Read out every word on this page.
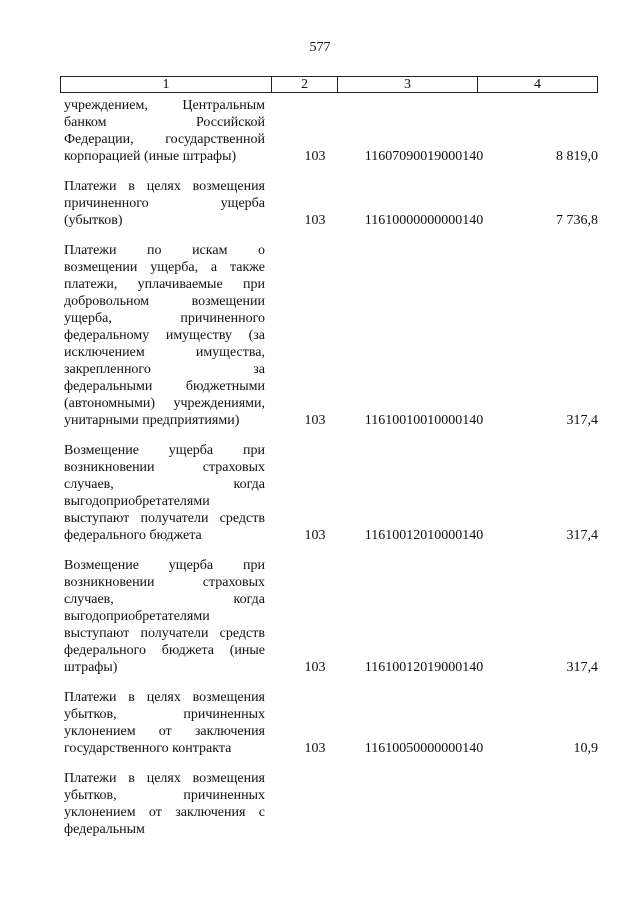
577
1	2	3	4
учреждением, Центральным
банком Российской
Федерации, государственной
корпорацией (иные штрафы)	103	11607090019000140	8 819,0
Платежи в целях возмещения
причиненного ущерба
(убытков)	103	11610000000000140	7 736,8
Платежи по искам о
возмещении ущерба, а также
платежи, уплачиваемые при
добровольном возмещении
ущерба, причиненного
федеральному имуществу (за
исключением имущества,
закрепленного за
федеральными бюджетными
(автономными) учреждениями,
унитарными предприятиями)	103	11610010010000140	317,4
Возмещение ущерба при
возникновении страховых
случаев, когда
выгодоприобретателями
выступают получатели средств
федерального бюджета	103	11610012010000140	317,4
Возмещение ущерба при
возникновении страховых
случаев, когда
выгодоприобретателями
выступают получатели средств
федерального бюджета (иные
штрафы)	103	11610012019000140	317,4
Платежи в целях возмещения
убытков, причиненных
уклонением от заключения
государственного контракта	103	11610050000000140	10,9
Платежи в целях возмещения
убытков, причиненных
уклонением от заключения с
федеральным
